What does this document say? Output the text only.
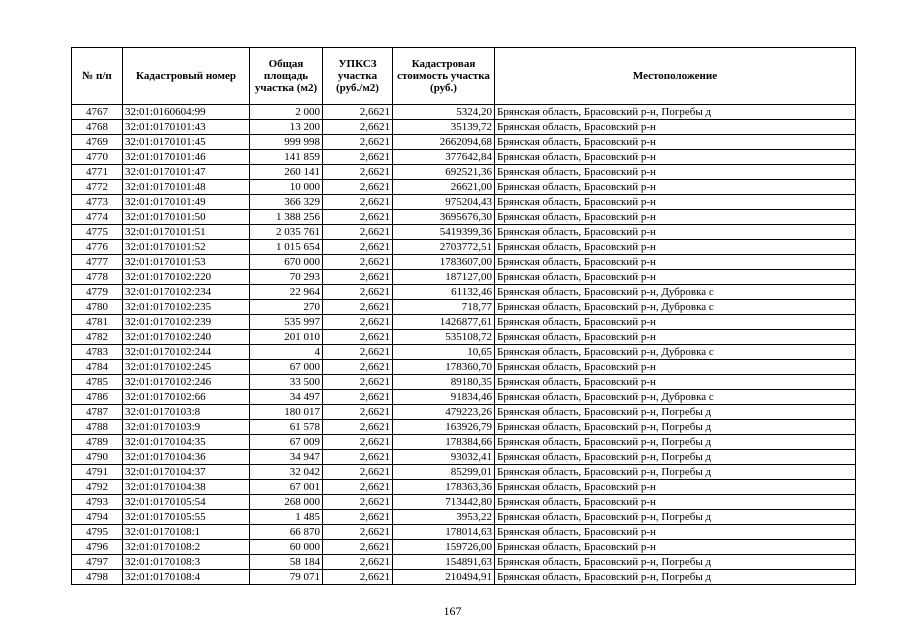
№ п/п	Кадастровый номер	Общая площадь участка (м2)	УПКСЗ участка (руб./м2)	Кадастровая стоимость участка (руб.)	Местоположение
4767	32:01:0160604:99	2 000	2,6621	5324,20	Брянская область, Брасовский р-н, Погребы д
4768	32:01:0170101:43	13 200	2,6621	35139,72	Брянская область, Брасовский р-н
4769	32:01:0170101:45	999 998	2,6621	2662094,68	Брянская область, Брасовский р-н
4770	32:01:0170101:46	141 859	2,6621	377642,84	Брянская область, Брасовский р-н
4771	32:01:0170101:47	260 141	2,6621	692521,36	Брянская область, Брасовский р-н
4772	32:01:0170101:48	10 000	2,6621	26621,00	Брянская область, Брасовский р-н
4773	32:01:0170101:49	366 329	2,6621	975204,43	Брянская область, Брасовский р-н
4774	32:01:0170101:50	1 388 256	2,6621	3695676,30	Брянская область, Брасовский р-н
4775	32:01:0170101:51	2 035 761	2,6621	5419399,36	Брянская область, Брасовский р-н
4776	32:01:0170101:52	1 015 654	2,6621	2703772,51	Брянская область, Брасовский р-н
4777	32:01:0170101:53	670 000	2,6621	1783607,00	Брянская область, Брасовский р-н
4778	32:01:0170102:220	70 293	2,6621	187127,00	Брянская область, Брасовский р-н
4779	32:01:0170102:234	22 964	2,6621	61132,46	Брянская область, Брасовский р-н, Дубровка с
4780	32:01:0170102:235	270	2,6621	718,77	Брянская область, Брасовский р-н, Дубровка с
4781	32:01:0170102:239	535 997	2,6621	1426877,61	Брянская область, Брасовский р-н
4782	32:01:0170102:240	201 010	2,6621	535108,72	Брянская область, Брасовский р-н
4783	32:01:0170102:244	4	2,6621	10,65	Брянская область, Брасовский р-н, Дубровка с
4784	32:01:0170102:245	67 000	2,6621	178360,70	Брянская область, Брасовский р-н
4785	32:01:0170102:246	33 500	2,6621	89180,35	Брянская область, Брасовский р-н
4786	32:01:0170102:66	34 497	2,6621	91834,46	Брянская область, Брасовский р-н, Дубровка с
4787	32:01:0170103:8	180 017	2,6621	479223,26	Брянская область, Брасовский р-н, Погребы д
4788	32:01:0170103:9	61 578	2,6621	163926,79	Брянская область, Брасовский р-н, Погребы д
4789	32:01:0170104:35	67 009	2,6621	178384,66	Брянская область, Брасовский р-н, Погребы д
4790	32:01:0170104:36	34 947	2,6621	93032,41	Брянская область, Брасовский р-н, Погребы д
4791	32:01:0170104:37	32 042	2,6621	85299,01	Брянская область, Брасовский р-н, Погребы д
4792	32:01:0170104:38	67 001	2,6621	178363,36	Брянская область, Брасовский р-н
4793	32:01:0170105:54	268 000	2,6621	713442,80	Брянская область, Брасовский р-н
4794	32:01:0170105:55	1 485	2,6621	3953,22	Брянская область, Брасовский р-н, Погребы д
4795	32:01:0170108:1	66 870	2,6621	178014,63	Брянская область, Брасовский р-н
4796	32:01:0170108:2	60 000	2,6621	159726,00	Брянская область, Брасовский р-н
4797	32:01:0170108:3	58 184	2,6621	154891,63	Брянская область, Брасовский р-н, Погребы д
4798	32:01:0170108:4	79 071	2,6621	210494,91	Брянская область, Брасовский р-н, Погребы д
167
